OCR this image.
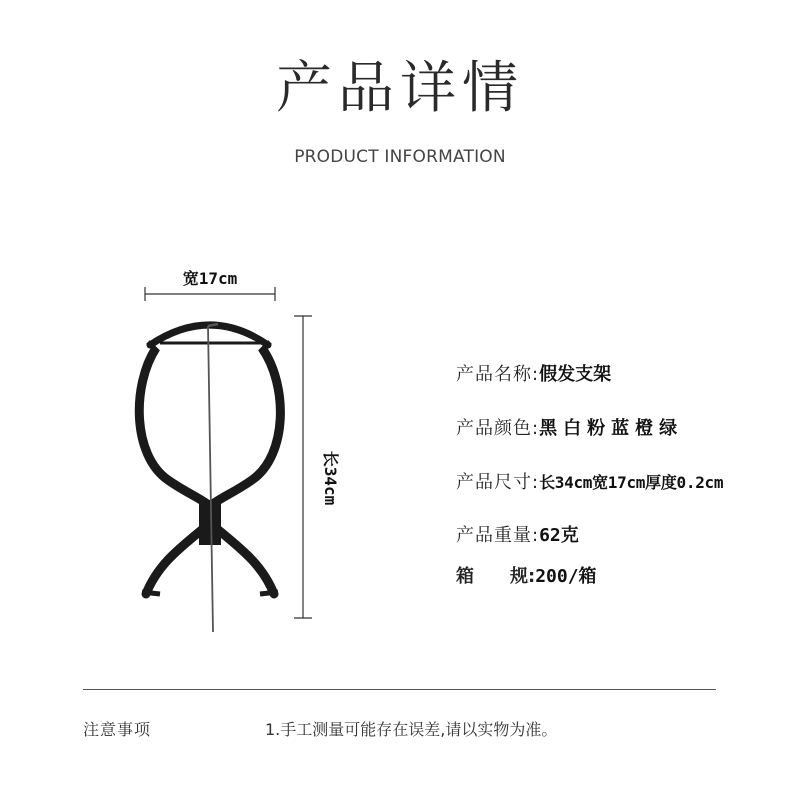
产品详情
PRODUCT INFORMATION
宽17cm
长34cm
产品名称: 假发支架
产品颜色: 黑白粉蓝橙绿
产品尺寸: 长34cm宽17cm厚度0.2cm
产品重量: 62克
箱　　规: 200/箱
注意事项	1.手工测量可能存在误差,请以实物为准。
